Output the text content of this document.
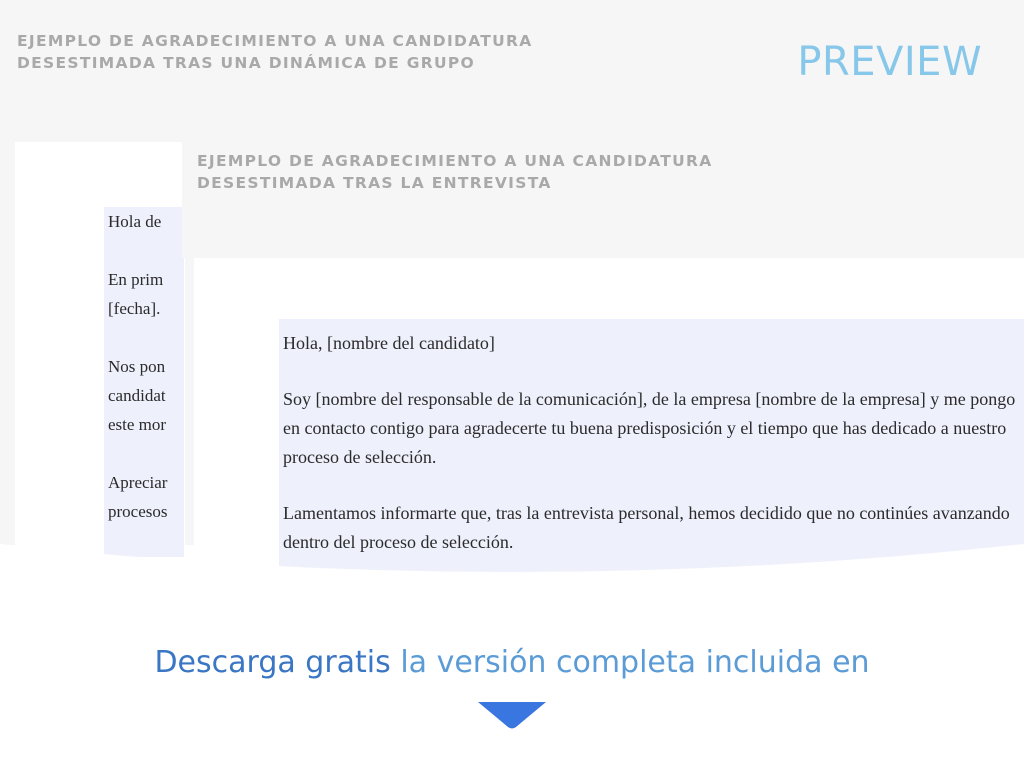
EJEMPLO DE AGRADECIMIENTO A UNA CANDIDATURA DESESTIMADA TRAS UNA DINÁMICA DE GRUPO	PREVIEW

Hola de

En prim

[fecha].

Nos pon

candidat

este mor

Apreciar

procesos

EJEMPLO DE AGRADECIMIENTO A UNA CANDIDATURA DESESTIMADA TRAS LA ENTREVISTA

Hola, [nombre del candidato]

Soy [nombre del responsable de la comunicación], de la empresa [nombre de la empresa] y me pongo en contacto contigo para agradecerte tu buena predisposición y el tiempo que has dedicado a nuestro proceso de selección.

Lamentamos informarte que, tras la entrevista personal, hemos decidido que no continúes avanzando dentro del proceso de selección.

Descarga gratis la versión completa incluida en
